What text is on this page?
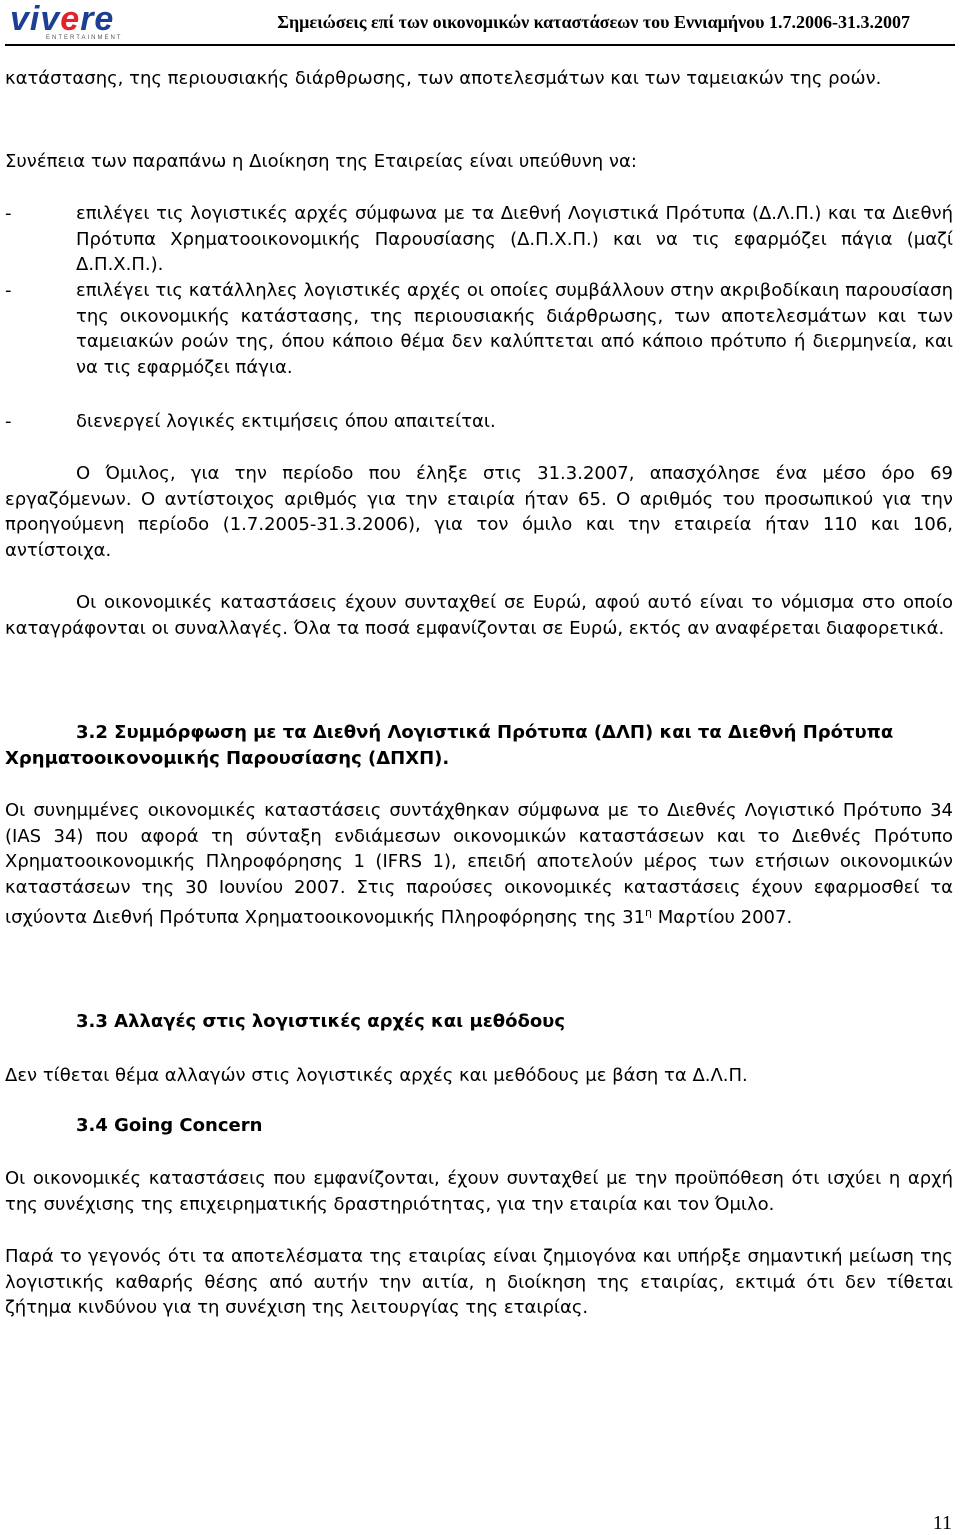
vivere
ENTERTAINMENT
Σημειώσεις επί των οικονομικών καταστάσεων του Εννιαμήνου 1.7.2006-31.3.2007

κατάστασης, της περιουσιακής διάρθρωσης, των αποτελεσμάτων και των ταμειακών της ροών.

Συνέπεια των παραπάνω η Διοίκηση της Εταιρείας είναι υπεύθυνη να:

-	επιλέγει τις λογιστικές αρχές σύμφωνα με τα Διεθνή Λογιστικά Πρότυπα (Δ.Λ.Π.) και τα Διεθνή Πρότυπα Χρηματοοικονομικής Παρουσίασης (Δ.Π.Χ.Π.) και να τις εφαρμόζει πάγια (μαζί Δ.Π.Χ.Π.).

-	επιλέγει τις κατάλληλες λογιστικές αρχές οι οποίες συμβάλλουν στην ακριβοδίκαιη παρουσίαση της οικονομικής κατάστασης, της περιουσιακής διάρθρωσης, των αποτελεσμάτων και των ταμειακών ροών της, όπου κάποιο θέμα δεν καλύπτεται από κάποιο πρότυπο ή διερμηνεία, και να τις εφαρμόζει πάγια.

-	διενεργεί λογικές εκτιμήσεις όπου απαιτείται.

Ο Όμιλος, για την περίοδο που έληξε στις 31.3.2007, απασχόλησε ένα μέσο όρο 69 εργαζόμενων. Ο αντίστοιχος αριθμός για την εταιρία ήταν 65. Ο αριθμός του προσωπικού για την προηγούμενη περίοδο (1.7.2005-31.3.2006), για τον όμιλο και την εταιρεία ήταν 110 και 106, αντίστοιχα.

Οι οικονομικές καταστάσεις έχουν συνταχθεί σε Ευρώ, αφού αυτό είναι το νόμισμα στο οποίο καταγράφονται οι συναλλαγές. Όλα τα ποσά εμφανίζονται σε Ευρώ, εκτός αν αναφέρεται διαφορετικά.

3.2 Συμμόρφωση με τα Διεθνή Λογιστικά Πρότυπα (ΔΛΠ) και τα Διεθνή Πρότυπα Χρηματοοικονομικής Παρουσίασης (ΔΠΧΠ).

Οι συνημμένες οικονομικές καταστάσεις συντάχθηκαν σύμφωνα με το Διεθνές Λογιστικό Πρότυπο 34 (IAS 34) που αφορά τη σύνταξη ενδιάμεσων οικονομικών καταστάσεων και το Διεθνές Πρότυπο Χρηματοοικονομικής Πληροφόρησης 1 (IFRS 1), επειδή αποτελούν μέρος των ετήσιων οικονομικών καταστάσεων της 30 Ιουνίου 2007. Στις παρούσες οικονομικές καταστάσεις έχουν εφαρμοσθεί τα ισχύοντα Διεθνή Πρότυπα Χρηματοοικονομικής Πληροφόρησης της $31^\eta$ Μαρτίου 2007.

3.3 Αλλαγές στις λογιστικές αρχές και μεθόδους

Δεν τίθεται θέμα αλλαγών στις λογιστικές αρχές και μεθόδους με βάση τα Δ.Λ.Π.

3.4 Going Concern

Οι οικονομικές καταστάσεις που εμφανίζονται, έχουν συνταχθεί με την προϋπόθεση ότι ισχύει η αρχή της συνέχισης της επιχειρηματικής δραστηριότητας, για την εταιρία και τον Όμιλο.

Παρά το γεγονός ότι τα αποτελέσματα της εταιρίας είναι ζημιογόνα και υπήρξε σημαντική μείωση της λογιστικής καθαρής θέσης από αυτήν την αιτία, η διοίκηση της εταιρίας, εκτιμά ότι δεν τίθεται ζήτημα κινδύνου για τη συνέχιση της λειτουργίας της εταιρίας.

11
